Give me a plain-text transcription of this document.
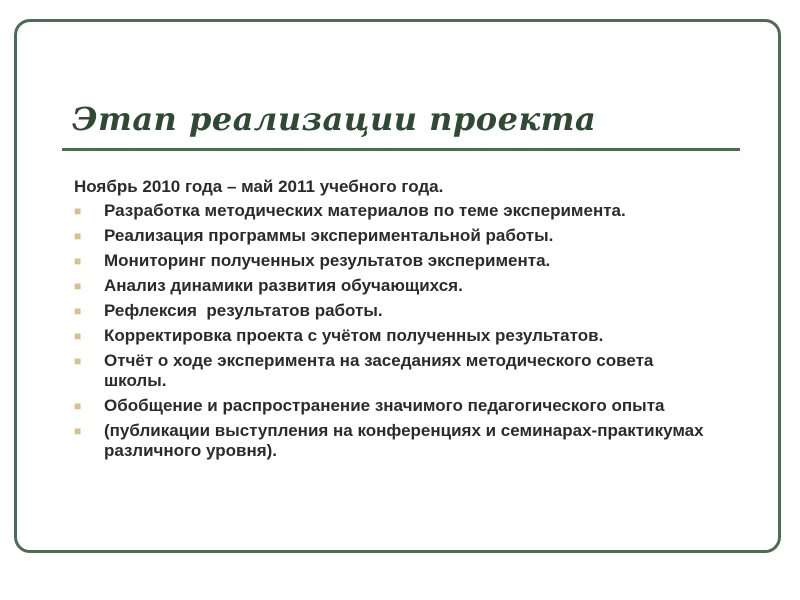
Этап реализации проекта

Ноябрь 2010 года – май 2011 учебного года.

■ Разработка методических материалов по теме эксперимента.
■ Реализация программы экспериментальной работы.
■ Мониторинг полученных результатов эксперимента.
■ Анализ динамики развития обучающихся.
■ Рефлексия  результатов работы.
■ Корректировка проекта с учётом полученных результатов.
■ Отчёт о ходе эксперимента на заседаниях методического совета школы.
■ Обобщение и распространение значимого педагогического опыта
■ (публикации выступления на конференциях и семинарах-практикумах различного уровня).
